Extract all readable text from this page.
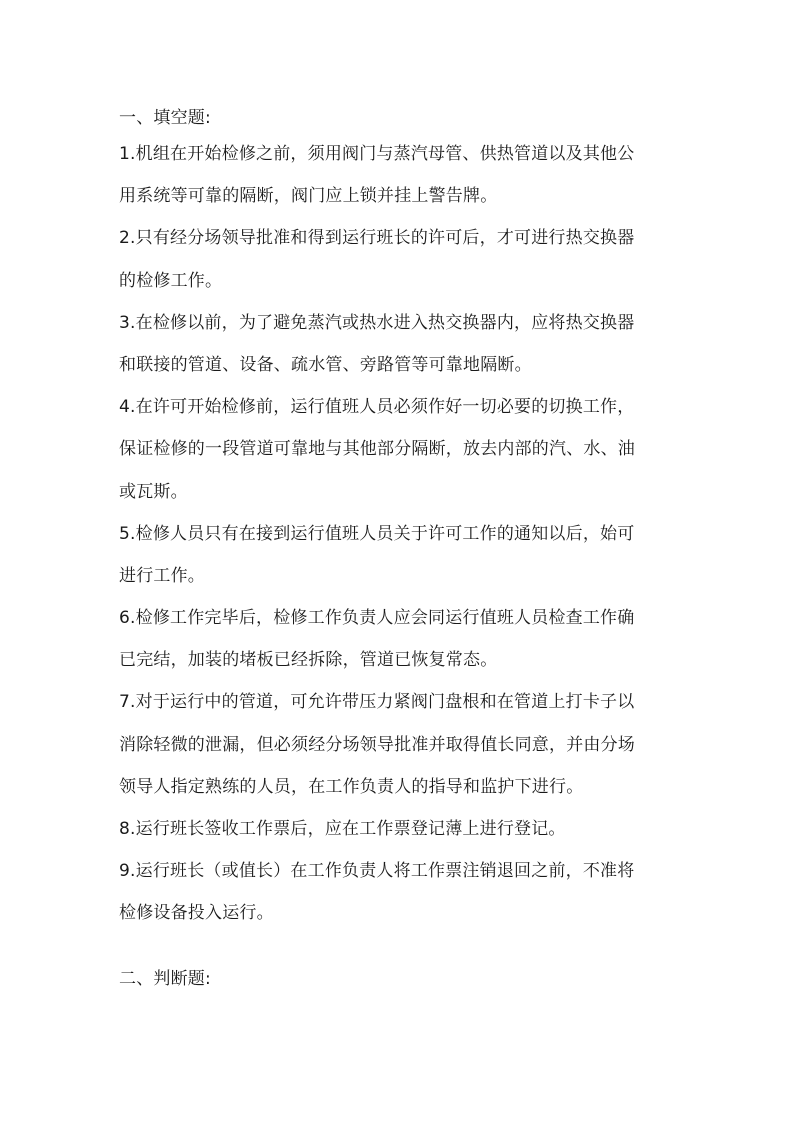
一、填空题:

1.机组在开始检修之前，须用阀门与蒸汽母管、供热管道以及其他公
用系统等可靠的隔断，阀门应上锁并挂上警告牌。
2.只有经分场领导批准和得到运行班长的许可后，才可进行热交换器
的检修工作。
3.在检修以前，为了避免蒸汽或热水进入热交换器内，应将热交换器
和联接的管道、设备、疏水管、旁路管等可靠地隔断。
4.在许可开始检修前，运行值班人员必须作好一切必要的切换工作，
保证检修的一段管道可靠地与其他部分隔断，放去内部的汽、水、油
或瓦斯。
5.检修人员只有在接到运行值班人员关于许可工作的通知以后，始可
进行工作。
6.检修工作完毕后，检修工作负责人应会同运行值班人员检查工作确
已完结，加装的堵板已经拆除，管道已恢复常态。
7.对于运行中的管道，可允许带压力紧阀门盘根和在管道上打卡子以
消除轻微的泄漏，但必须经分场领导批准并取得值长同意，并由分场
领导人指定熟练的人员，在工作负责人的指导和监护下进行。
8.运行班长签收工作票后，应在工作票登记薄上进行登记。
9.运行班长（或值长）在工作负责人将工作票注销退回之前，不准将
检修设备投入运行。

二、判断题:
